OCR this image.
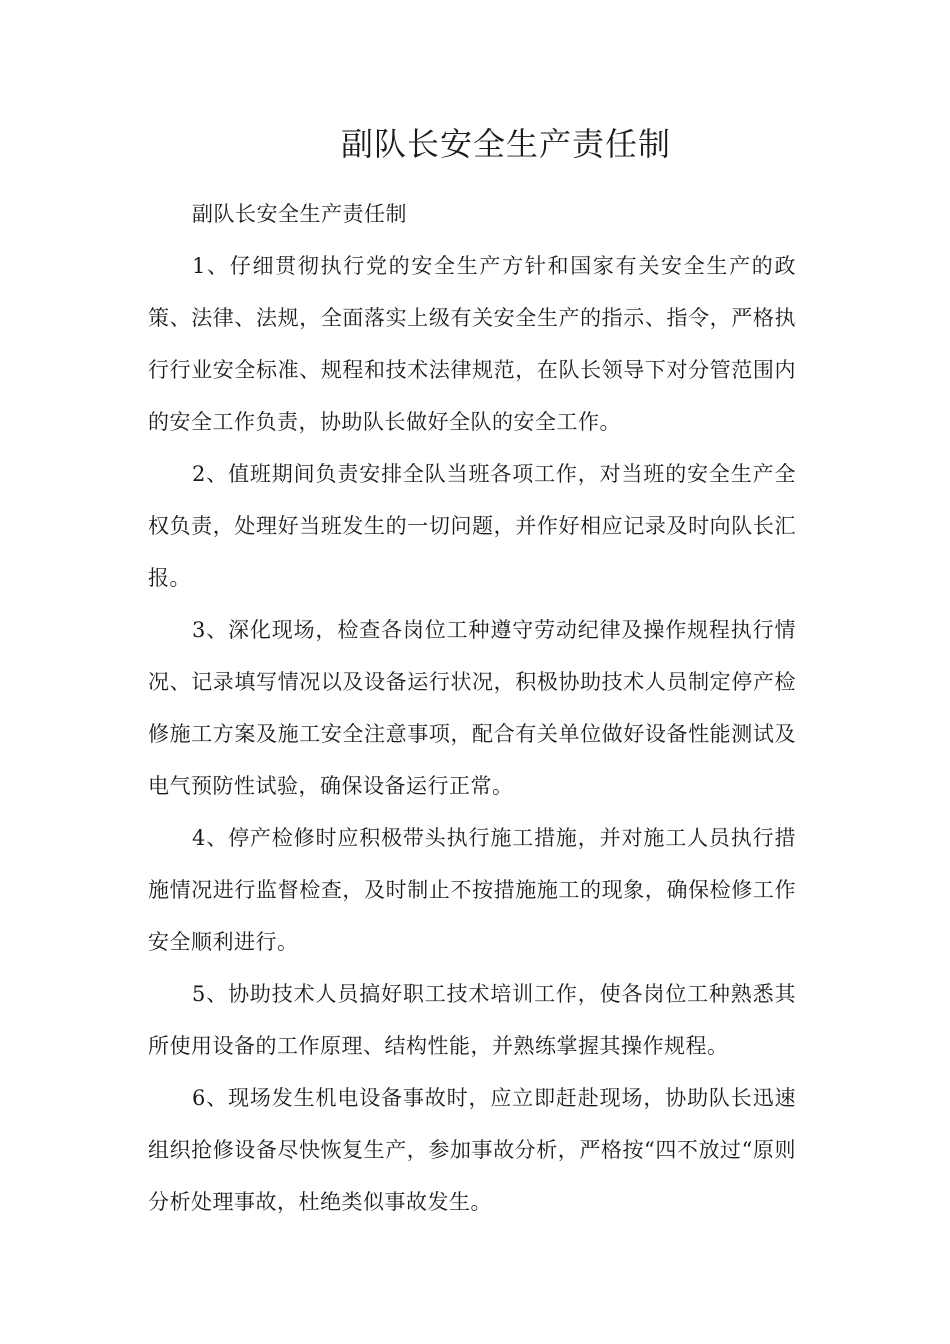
副队长安全生产责任制

副队长安全生产责任制

1、仔细贯彻执行党的安全生产方针和国家有关安全生产的政策、法律、法规，全面落实上级有关安全生产的指示、指令，严格执行行业安全标准、规程和技术法律规范，在队长领导下对分管范围内的安全工作负责，协助队长做好全队的安全工作。

2、值班期间负责安排全队当班各项工作，对当班的安全生产全权负责，处理好当班发生的一切问题，并作好相应记录及时向队长汇报。

3、深化现场，检查各岗位工种遵守劳动纪律及操作规程执行情况、记录填写情况以及设备运行状况，积极协助技术人员制定停产检修施工方案及施工安全注意事项，配合有关单位做好设备性能测试及电气预防性试验，确保设备运行正常。

4、停产检修时应积极带头执行施工措施，并对施工人员执行措施情况进行监督检查，及时制止不按措施施工的现象，确保检修工作安全顺利进行。

5、协助技术人员搞好职工技术培训工作，使各岗位工种熟悉其所使用设备的工作原理、结构性能，并熟练掌握其操作规程。

6、现场发生机电设备事故时，应立即赶赴现场，协助队长迅速组织抢修设备尽快恢复生产，参加事故分析，严格按“四不放过“原则分析处理事故，杜绝类似事故发生。
